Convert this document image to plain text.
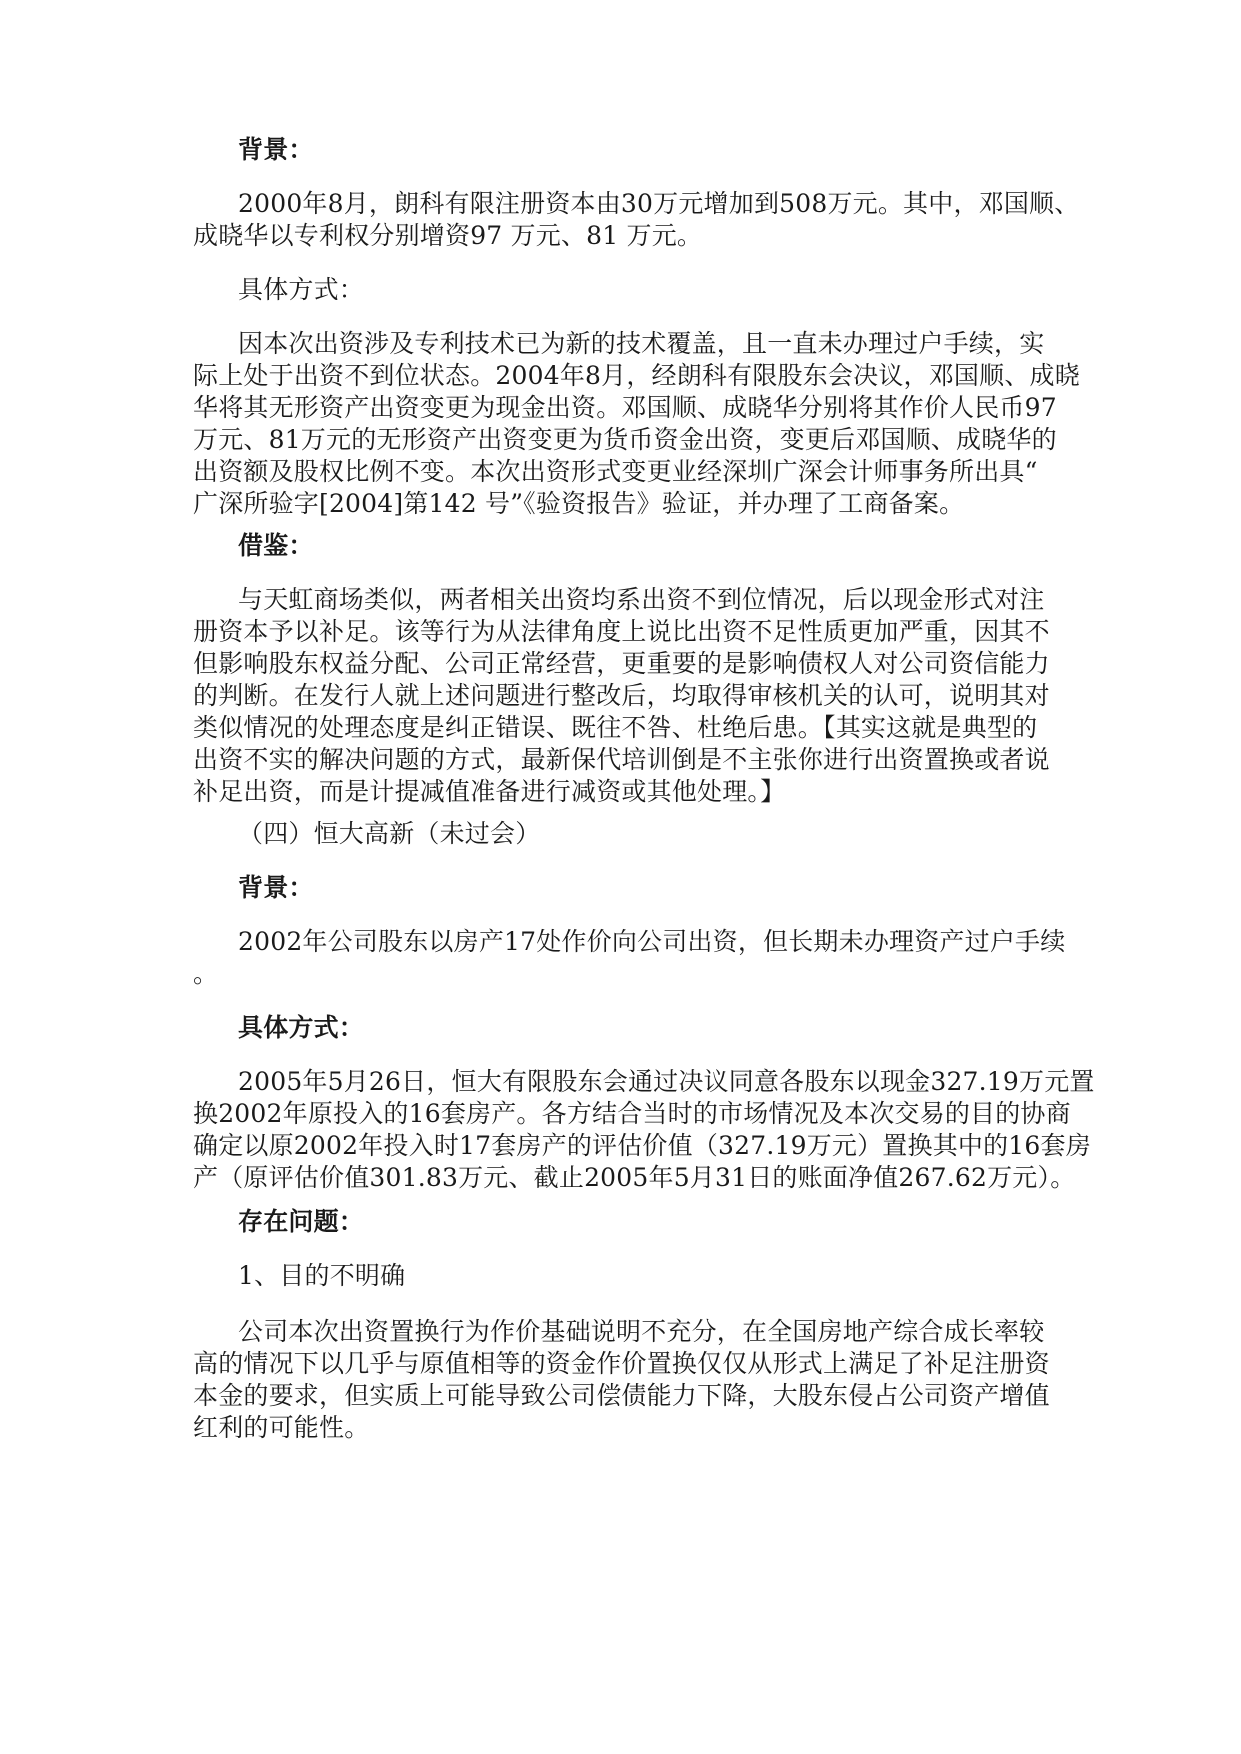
背景：
2000年8月，朗科有限注册资本由30万元增加到508万元。其中，邓国顺、
成晓华以专利权分别增资97 万元、81 万元。
具体方式：
因本次出资涉及专利技术已为新的技术覆盖，且一直未办理过户手续，实
际上处于出资不到位状态。2004年8月，经朗科有限股东会决议，邓国顺、成晓
华将其无形资产出资变更为现金出资。邓国顺、成晓华分别将其作价人民币97
万元、81万元的无形资产出资变更为货币资金出资，变更后邓国顺、成晓华的
出资额及股权比例不变。本次出资形式变更业经深圳广深会计师事务所出具“
广深所验字[2004]第142 号”《验资报告》验证，并办理了工商备案。
借鉴：
与天虹商场类似，两者相关出资均系出资不到位情况，后以现金形式对注
册资本予以补足。该等行为从法律角度上说比出资不足性质更加严重，因其不
但影响股东权益分配、公司正常经营，更重要的是影响债权人对公司资信能力
的判断。在发行人就上述问题进行整改后，均取得审核机关的认可，说明其对
类似情况的处理态度是纠正错误、既往不咎、杜绝后患。【其实这就是典型的
出资不实的解决问题的方式，最新保代培训倒是不主张你进行出资置换或者说
补足出资，而是计提减值准备进行减资或其他处理。】
（四）恒大高新（未过会）
背景：
2002年公司股东以房产17处作价向公司出资，但长期未办理资产过户手续
。
具体方式：
2005年5月26日，恒大有限股东会通过决议同意各股东以现金327.19万元置
换2002年原投入的16套房产。各方结合当时的市场情况及本次交易的目的协商
确定以原2002年投入时17套房产的评估价值（327.19万元）置换其中的16套房
产（原评估价值301.83万元、截止2005年5月31日的账面净值267.62万元）。
存在问题：
1、目的不明确
公司本次出资置换行为作价基础说明不充分，在全国房地产综合成长率较
高的情况下以几乎与原值相等的资金作价置换仅仅从形式上满足了补足注册资
本金的要求，但实质上可能导致公司偿债能力下降，大股东侵占公司资产增值
红利的可能性。
